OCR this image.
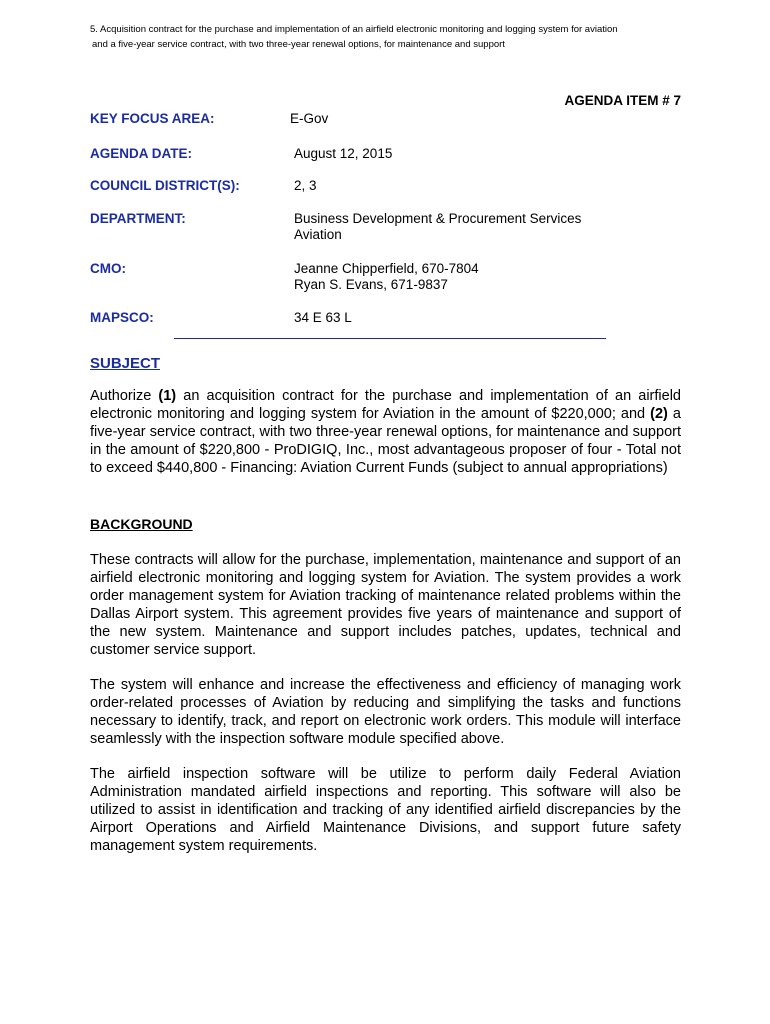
5. Acquisition contract for the purchase and implementation of an airfield electronic monitoring and logging system for aviation
and a five-year service contract, with two three-year renewal options, for maintenance and support
AGENDA ITEM # 7
KEY FOCUS AREA:	E-Gov
AGENDA DATE:	August 12, 2015
COUNCIL DISTRICT(S):	2, 3
DEPARTMENT:	Business Development & Procurement Services
Aviation
CMO:	Jeanne Chipperfield, 670-7804
Ryan S. Evans, 671-9837
MAPSCO:	34 E 63 L
SUBJECT
Authorize (1) an acquisition contract for the purchase and implementation of an airfield electronic monitoring and logging system for Aviation in the amount of $220,000; and (2) a five-year service contract, with two three-year renewal options, for maintenance and support in the amount of $220,800 - ProDIGIQ, Inc., most advantageous proposer of four - Total not to exceed $440,800 - Financing: Aviation Current Funds (subject to annual appropriations)
BACKGROUND
These contracts will allow for the purchase, implementation, maintenance and support of an airfield electronic monitoring and logging system for Aviation. The system provides a work order management system for Aviation tracking of maintenance related problems within the Dallas Airport system. This agreement provides five years of maintenance and support of the new system. Maintenance and support includes patches, updates, technical and customer service support.
The system will enhance and increase the effectiveness and efficiency of managing work order-related processes of Aviation by reducing and simplifying the tasks and functions necessary to identify, track, and report on electronic work orders. This module will interface seamlessly with the inspection software module specified above.
The airfield inspection software will be utilize to perform daily Federal Aviation Administration mandated airfield inspections and reporting. This software will also be utilized to assist in identification and tracking of any identified airfield discrepancies by the Airport Operations and Airfield Maintenance Divisions, and support future safety management system requirements.
